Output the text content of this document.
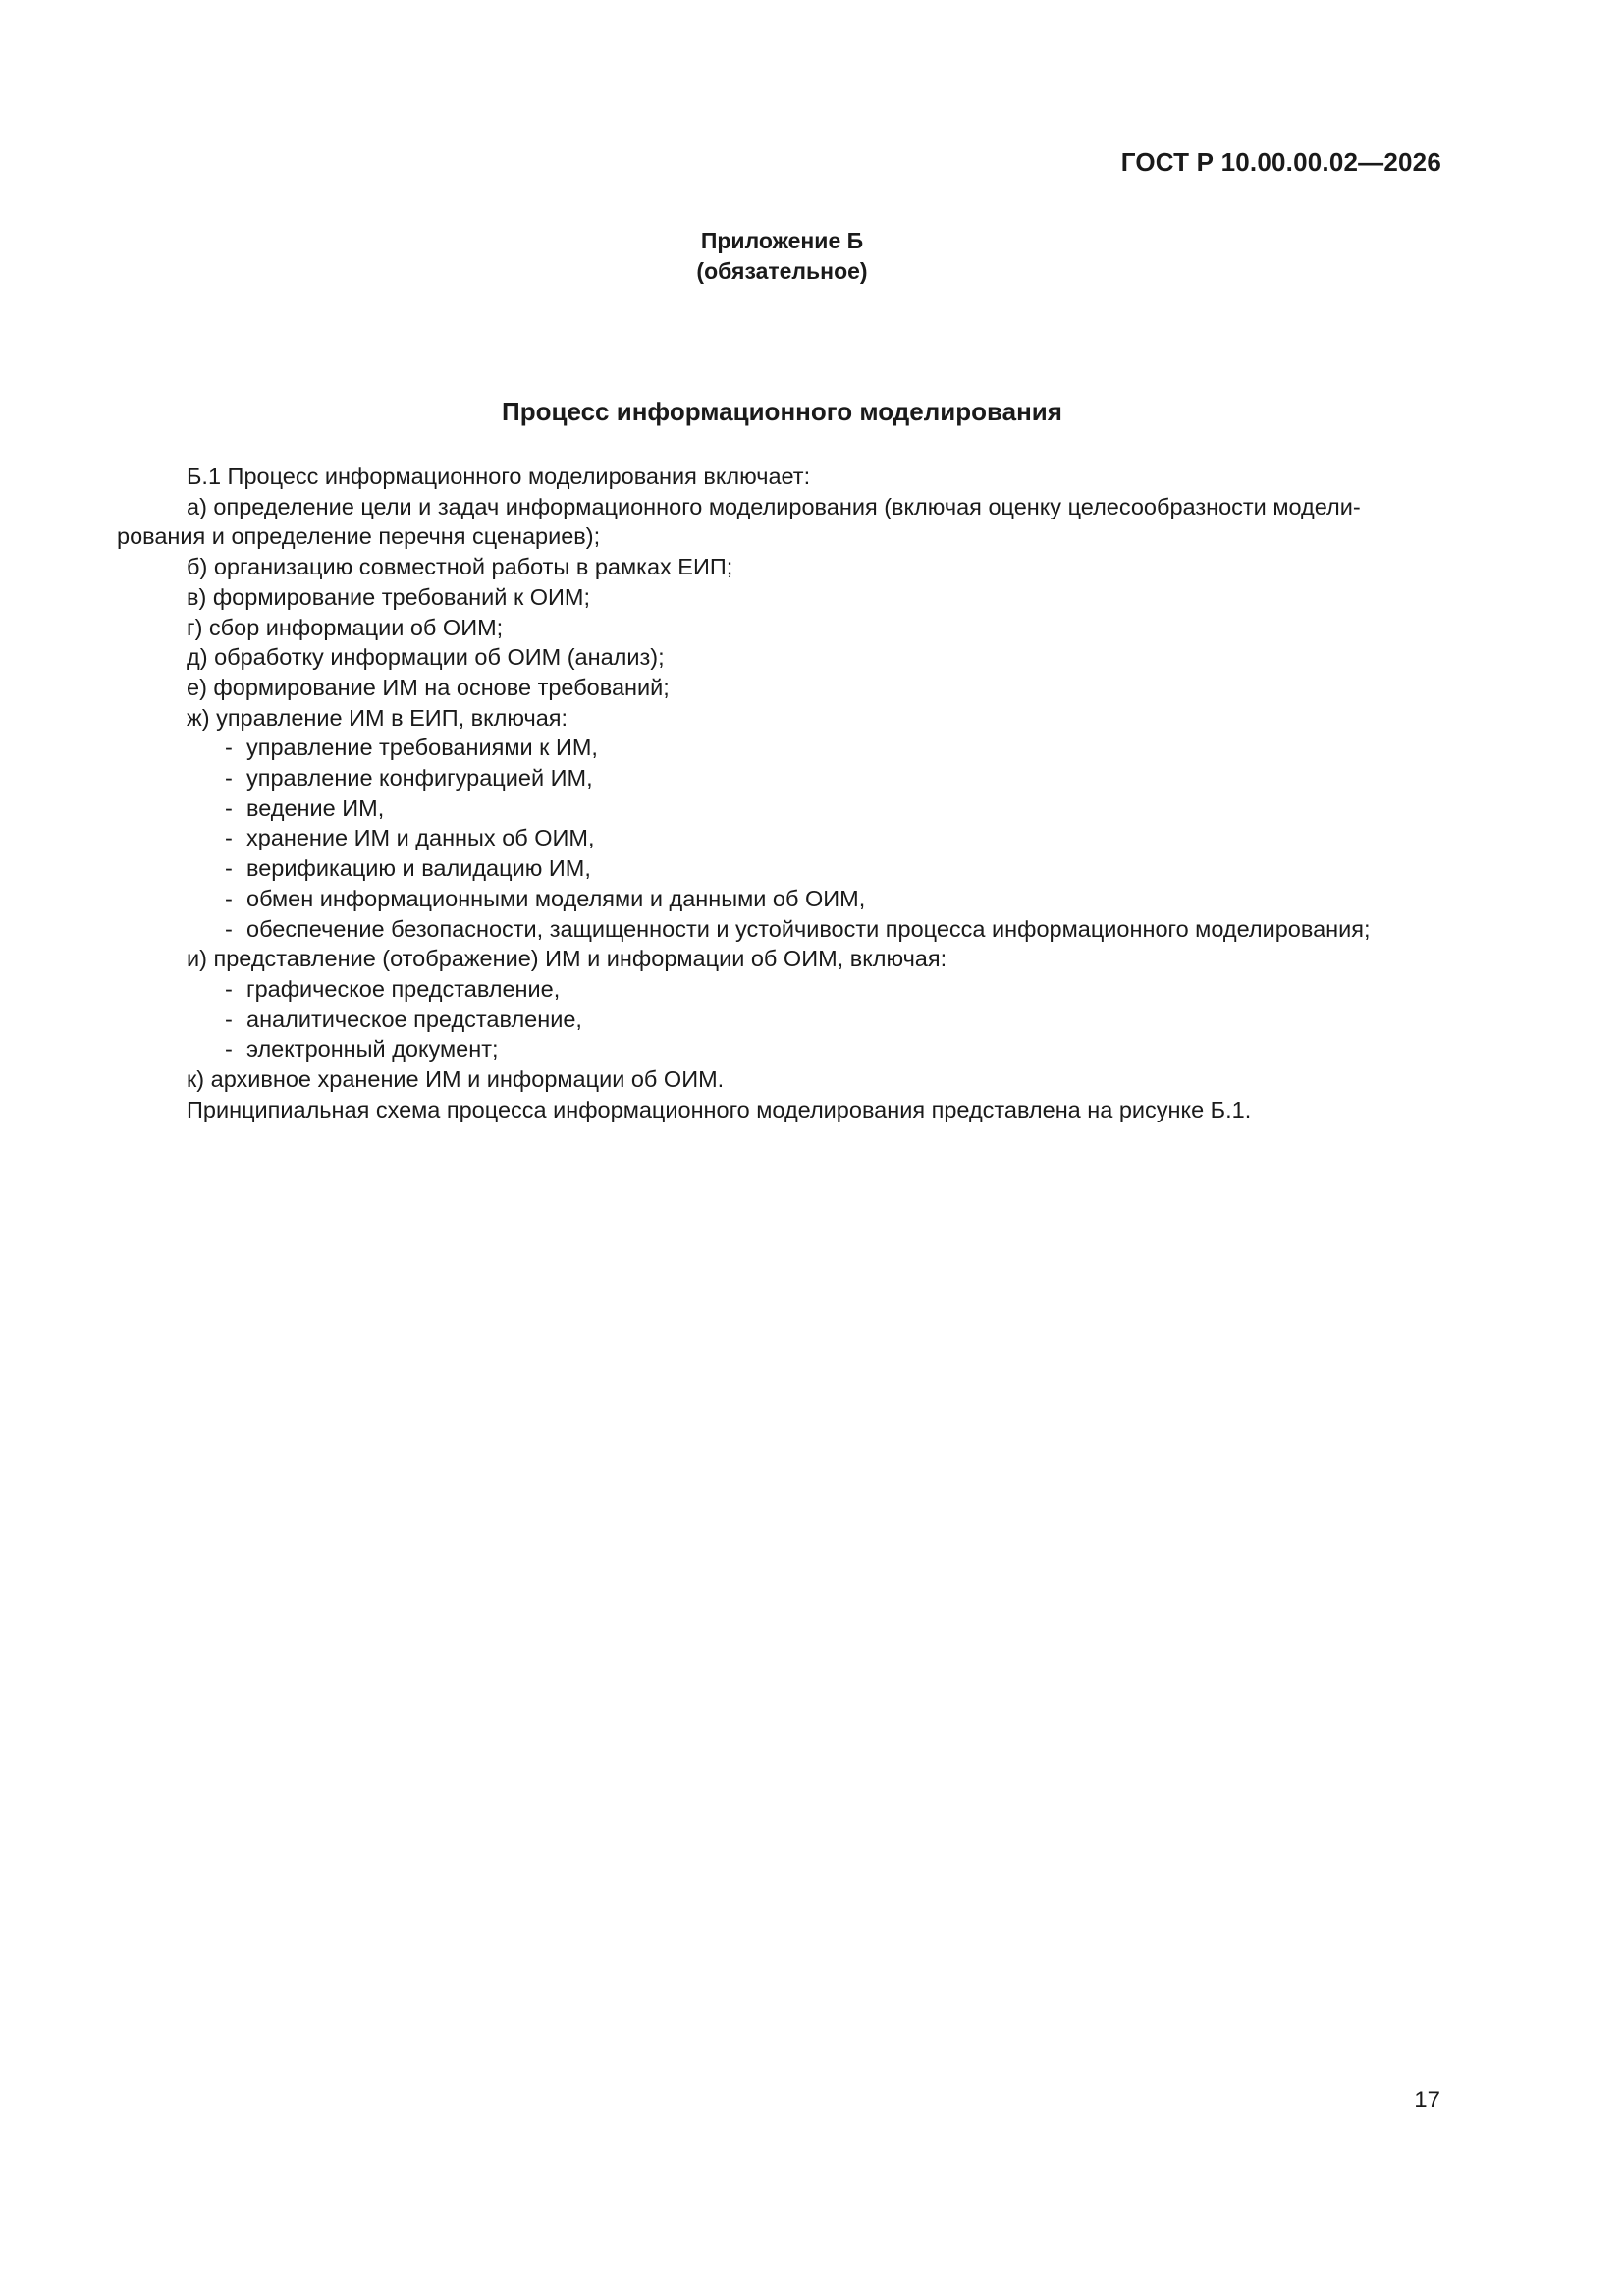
ГОСТ Р 10.00.00.02—2026
Приложение Б
(обязательное)
Процесс информационного моделирования
Б.1 Процесс информационного моделирования включает:
а) определение цели и задач информационного моделирования (включая оценку целесообразности модели-
рования и определение перечня сценариев);
б) организацию совместной работы в рамках ЕИП;
в) формирование требований к ОИМ;
г) сбор информации об ОИМ;
д) обработку информации об ОИМ (анализ);
е) формирование ИМ на основе требований;
ж) управление ИМ в ЕИП, включая:
- управление требованиями к ИМ,
- управление конфигурацией ИМ,
- ведение ИМ,
- хранение ИМ и данных об ОИМ,
- верификацию и валидацию ИМ,
- обмен информационными моделями и данными об ОИМ,
- обеспечение безопасности, защищенности и устойчивости процесса информационного моделирования;
и) представление (отображение) ИМ и информации об ОИМ, включая:
- графическое представление,
- аналитическое представление,
- электронный документ;
к) архивное хранение ИМ и информации об ОИМ.
Принципиальная схема процесса информационного моделирования представлена на рисунке Б.1.
17
